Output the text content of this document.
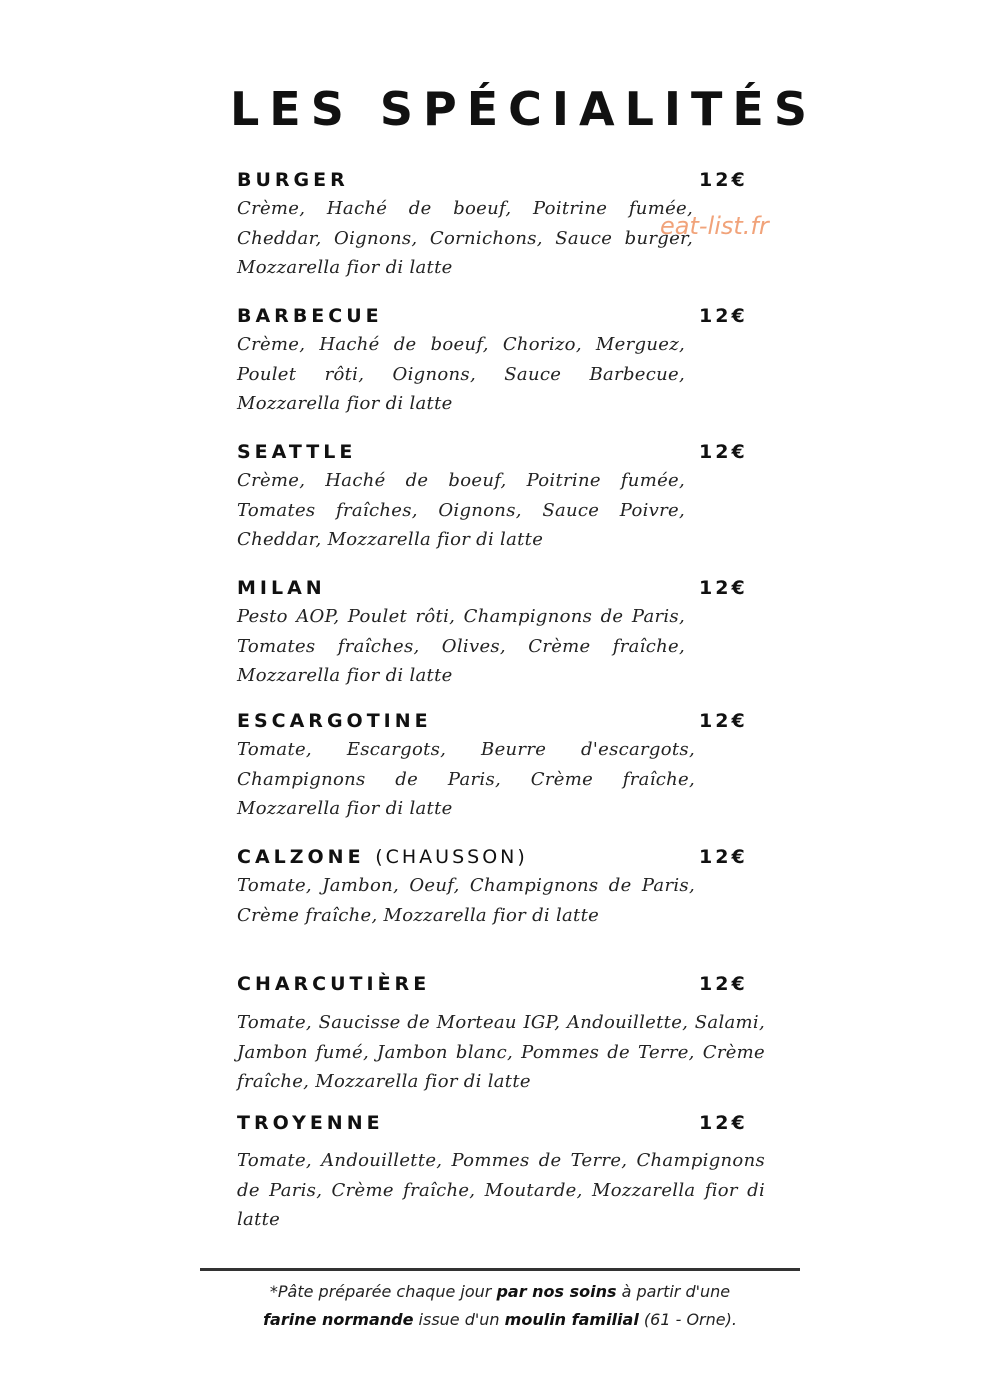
LES SPÉCIALITÉS
BURGER	12€
Crème, Haché de boeuf, Poitrine fumée, Cheddar, Oignons, Cornichons, Sauce burger, Mozzarella fior di latte
BARBECUE	12€
Crème, Haché de boeuf, Chorizo, Merguez, Poulet rôti, Oignons, Sauce Barbecue, Mozzarella fior di latte
SEATTLE	12€
Crème, Haché de boeuf, Poitrine fumée, Tomates fraîches, Oignons, Sauce Poivre, Cheddar, Mozzarella fior di latte
MILAN	12€
Pesto AOP, Poulet rôti, Champignons de Paris, Tomates fraîches, Olives, Crème fraîche, Mozzarella fior di latte
ESCARGOTINE	12€
Tomate, Escargots, Beurre d'escargots, Champignons de Paris, Crème fraîche, Mozzarella fior di latte
CALZONE (CHAUSSON)	12€
Tomate, Jambon, Oeuf, Champignons de Paris, Crème fraîche, Mozzarella fior di latte
CHARCUTIÈRE	12€
Tomate, Saucisse de Morteau IGP, Andouillette, Salami, Jambon fumé, Jambon blanc, Pommes de Terre, Crème fraîche, Mozzarella fior di latte
TROYENNE	12€
Tomate, Andouillette, Pommes de Terre, Champignons de Paris, Crème fraîche, Moutarde, Mozzarella fior di latte
eat-list.fr
*Pâte préparée chaque jour par nos soins à partir d'une
farine normande issue d'un moulin familial (61 - Orne).
